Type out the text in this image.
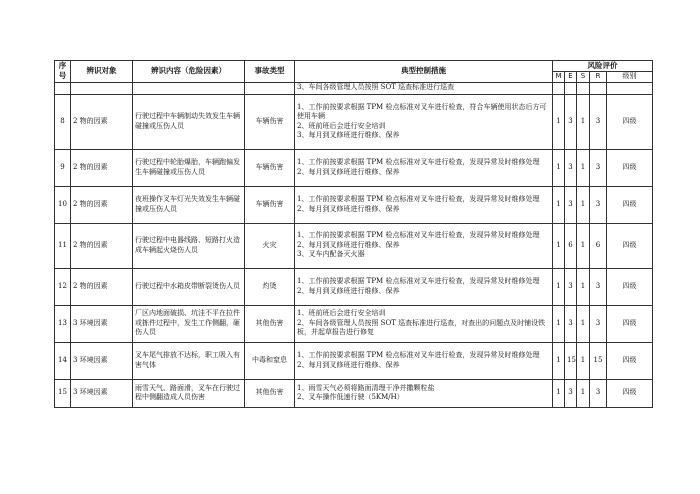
序号	辨识对象	辨识内容（危险因素）	事故类型	典型控制措施	风险评价				
					M	E	S	R	级别
				3、车间各级管理人员按照 SOT 巡查标准进行巡查					
8	2 物的因素	行驶过程中车辆制动失效发生车辆碰撞或压伤人员	车辆伤害	1、工作前按要求根据 TPM 检点标准对叉车进行检查，符合车辆使用状态后方可使用车辆
2、班前班后会进行安全培训
3、每月到叉修班进行维修、保养	1	3	1	3	四级
9	2 物的因素	行驶过程中轮胎爆胎，车辆跑偏发生车辆碰撞或压伤人员	车辆伤害	1、工作前按要求根据 TPM 检点标准对叉车进行检查，发现异常及时维修处理
2、每月到叉修班进行维修、保养	1	3	1	3	四级
10	2 物的因素	夜班操作叉车灯光失效发生车辆碰撞或压伤人员	车辆伤害	1、工作前按要求根据 TPM 检点标准对叉车进行检查，发现异常及时维修处理
2、每月到叉修班进行维修、保养	1	3	1	3	四级
11	2 物的因素	行驶过程中电器线路、短路打火造成车辆起火烧伤人员	火灾	1、工作前按要求根据 TPM 检点标准对叉车进行检查，发现异常及时维修处理
2、每月到叉修班进行维修、保养
3、叉车内配备灭火器	1	6	1	6	四级
12	2 物的因素	行驶过程中水箱皮带断裂烫伤人员	灼烫	1、工作前按要求根据 TPM 检点标准对叉车进行检查，发现异常及时维修处理
2、每月到叉修班进行维修、保养	1	3	1	3	四级
13	3 环境因素	厂区内地面破损、坑洼不平在拉件或拣件过程中，发生工作侧翻，砸伤人员	其他伤害	1、班前班后会进行安全培训
2、车间各级管理人员按照 SOT 巡查标准进行巡查，对查出的问题点及时铺设铁板，并起草报告进行修复	1	3	1	3	四级
14	3 环境因素	叉车尾气排放不达标，职工吸入有害气体	中毒和窒息	1、工作前按要求根据 TPM 检点标准对叉车进行检查，发现异常及时维修处理
2、每月到叉修班进行维修、保养	1	15	1	15	四级
15	3 环境因素	雨雪天气、路面滑，叉车在行驶过程中侧翻造成人员伤害	其他伤害	1、雨雪天气必须将路面清理干净并撒颗粒盐
2、叉车操作低速行驶（5KM/H）	1	3	1	3	四级
